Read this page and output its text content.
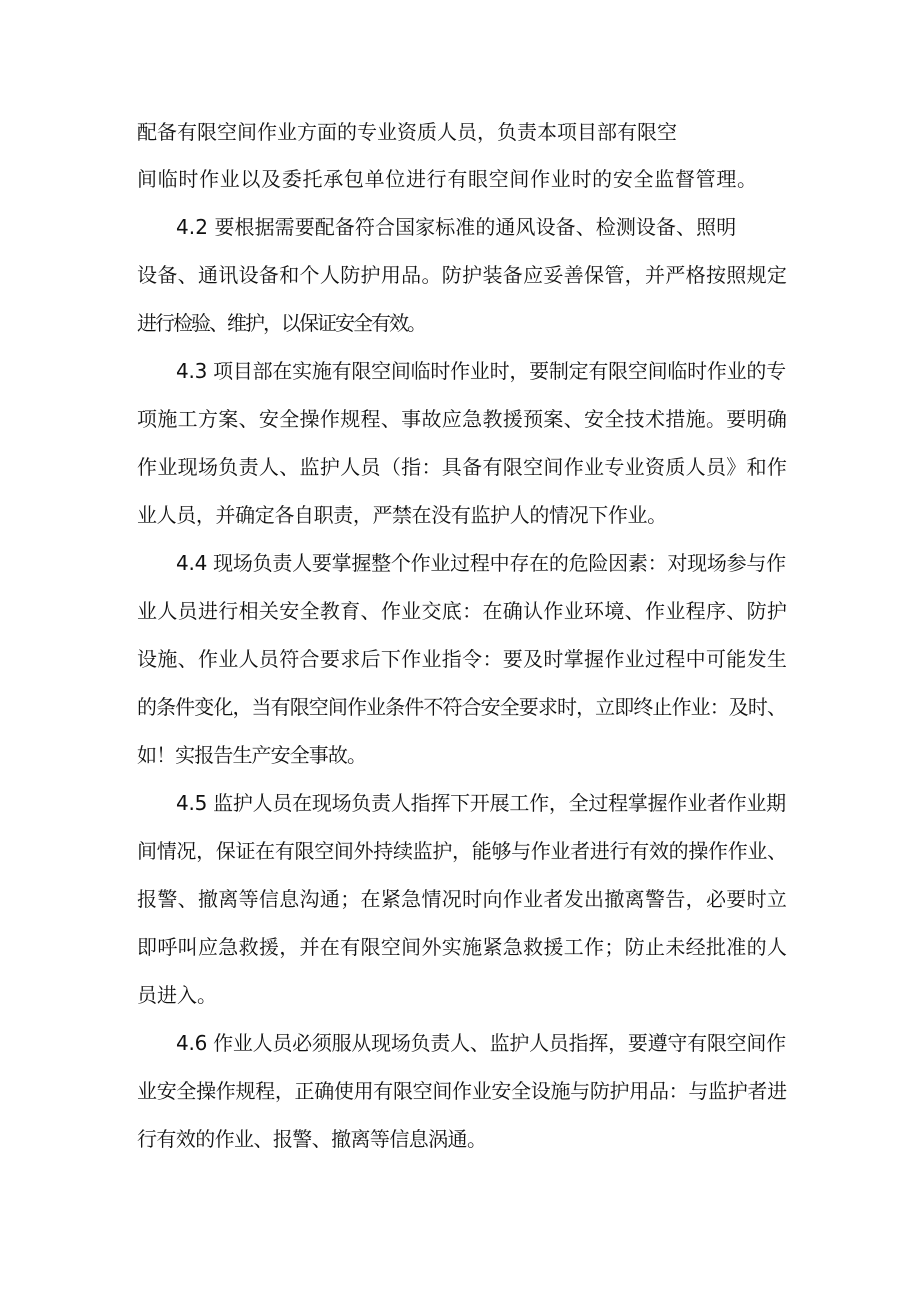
配备有限空间作业方面的专业资质人员，负责本项目部有限空
间临时作业以及委托承包单位进行有眼空间作业时的安全监督管理。
4.2 要根据需要配备符合国家标准的通风设备、检测设备、照明
设备、通讯设备和个人防护用品。防护装备应妥善保管，并严格按照规定
进行检验、维护，以保证安全有效。
4.3 项目部在实施有限空间临时作业时，要制定有限空间临时作业的专
项施工方案、安全操作规程、事故应急教援预案、安全技术措施。要明确
作业现场负责人、监护人员（指：具备有限空间作业专业资质人员》和作
业人员，并确定各自职责，严禁在没有监护人的情况下作业。
4.4 现场负责人要掌握整个作业过程中存在的危险因素：对现场参与作
业人员进行相关安全教育、作业交底：在确认作业环境、作业程序、防护
设施、作业人员符合要求后下作业指令：要及时掌握作业过程中可能发生
的条件变化，当有限空间作业条件不符合安全要求时，立即终止作业：及时、
如！实报告生产安全事故。
4.5 监护人员在现场负责人指挥下开展工作，全过程掌握作业者作业期
间情况，保证在有限空间外持续监护，能够与作业者进行有效的操作作业、
报警、撤离等信息沟通；在紧急情况时向作业者发出撤离警告，必要时立
即呼叫应急救援，并在有限空间外实施紧急救援工作；防止未经批准的人
员进入。
4.6 作业人员必须服从现场负责人、监护人员指挥，要遵守有限空间作
业安全操作规程，正确使用有限空间作业安全设施与防护用品：与监护者进
行有效的作业、报警、撤离等信息涡通。
